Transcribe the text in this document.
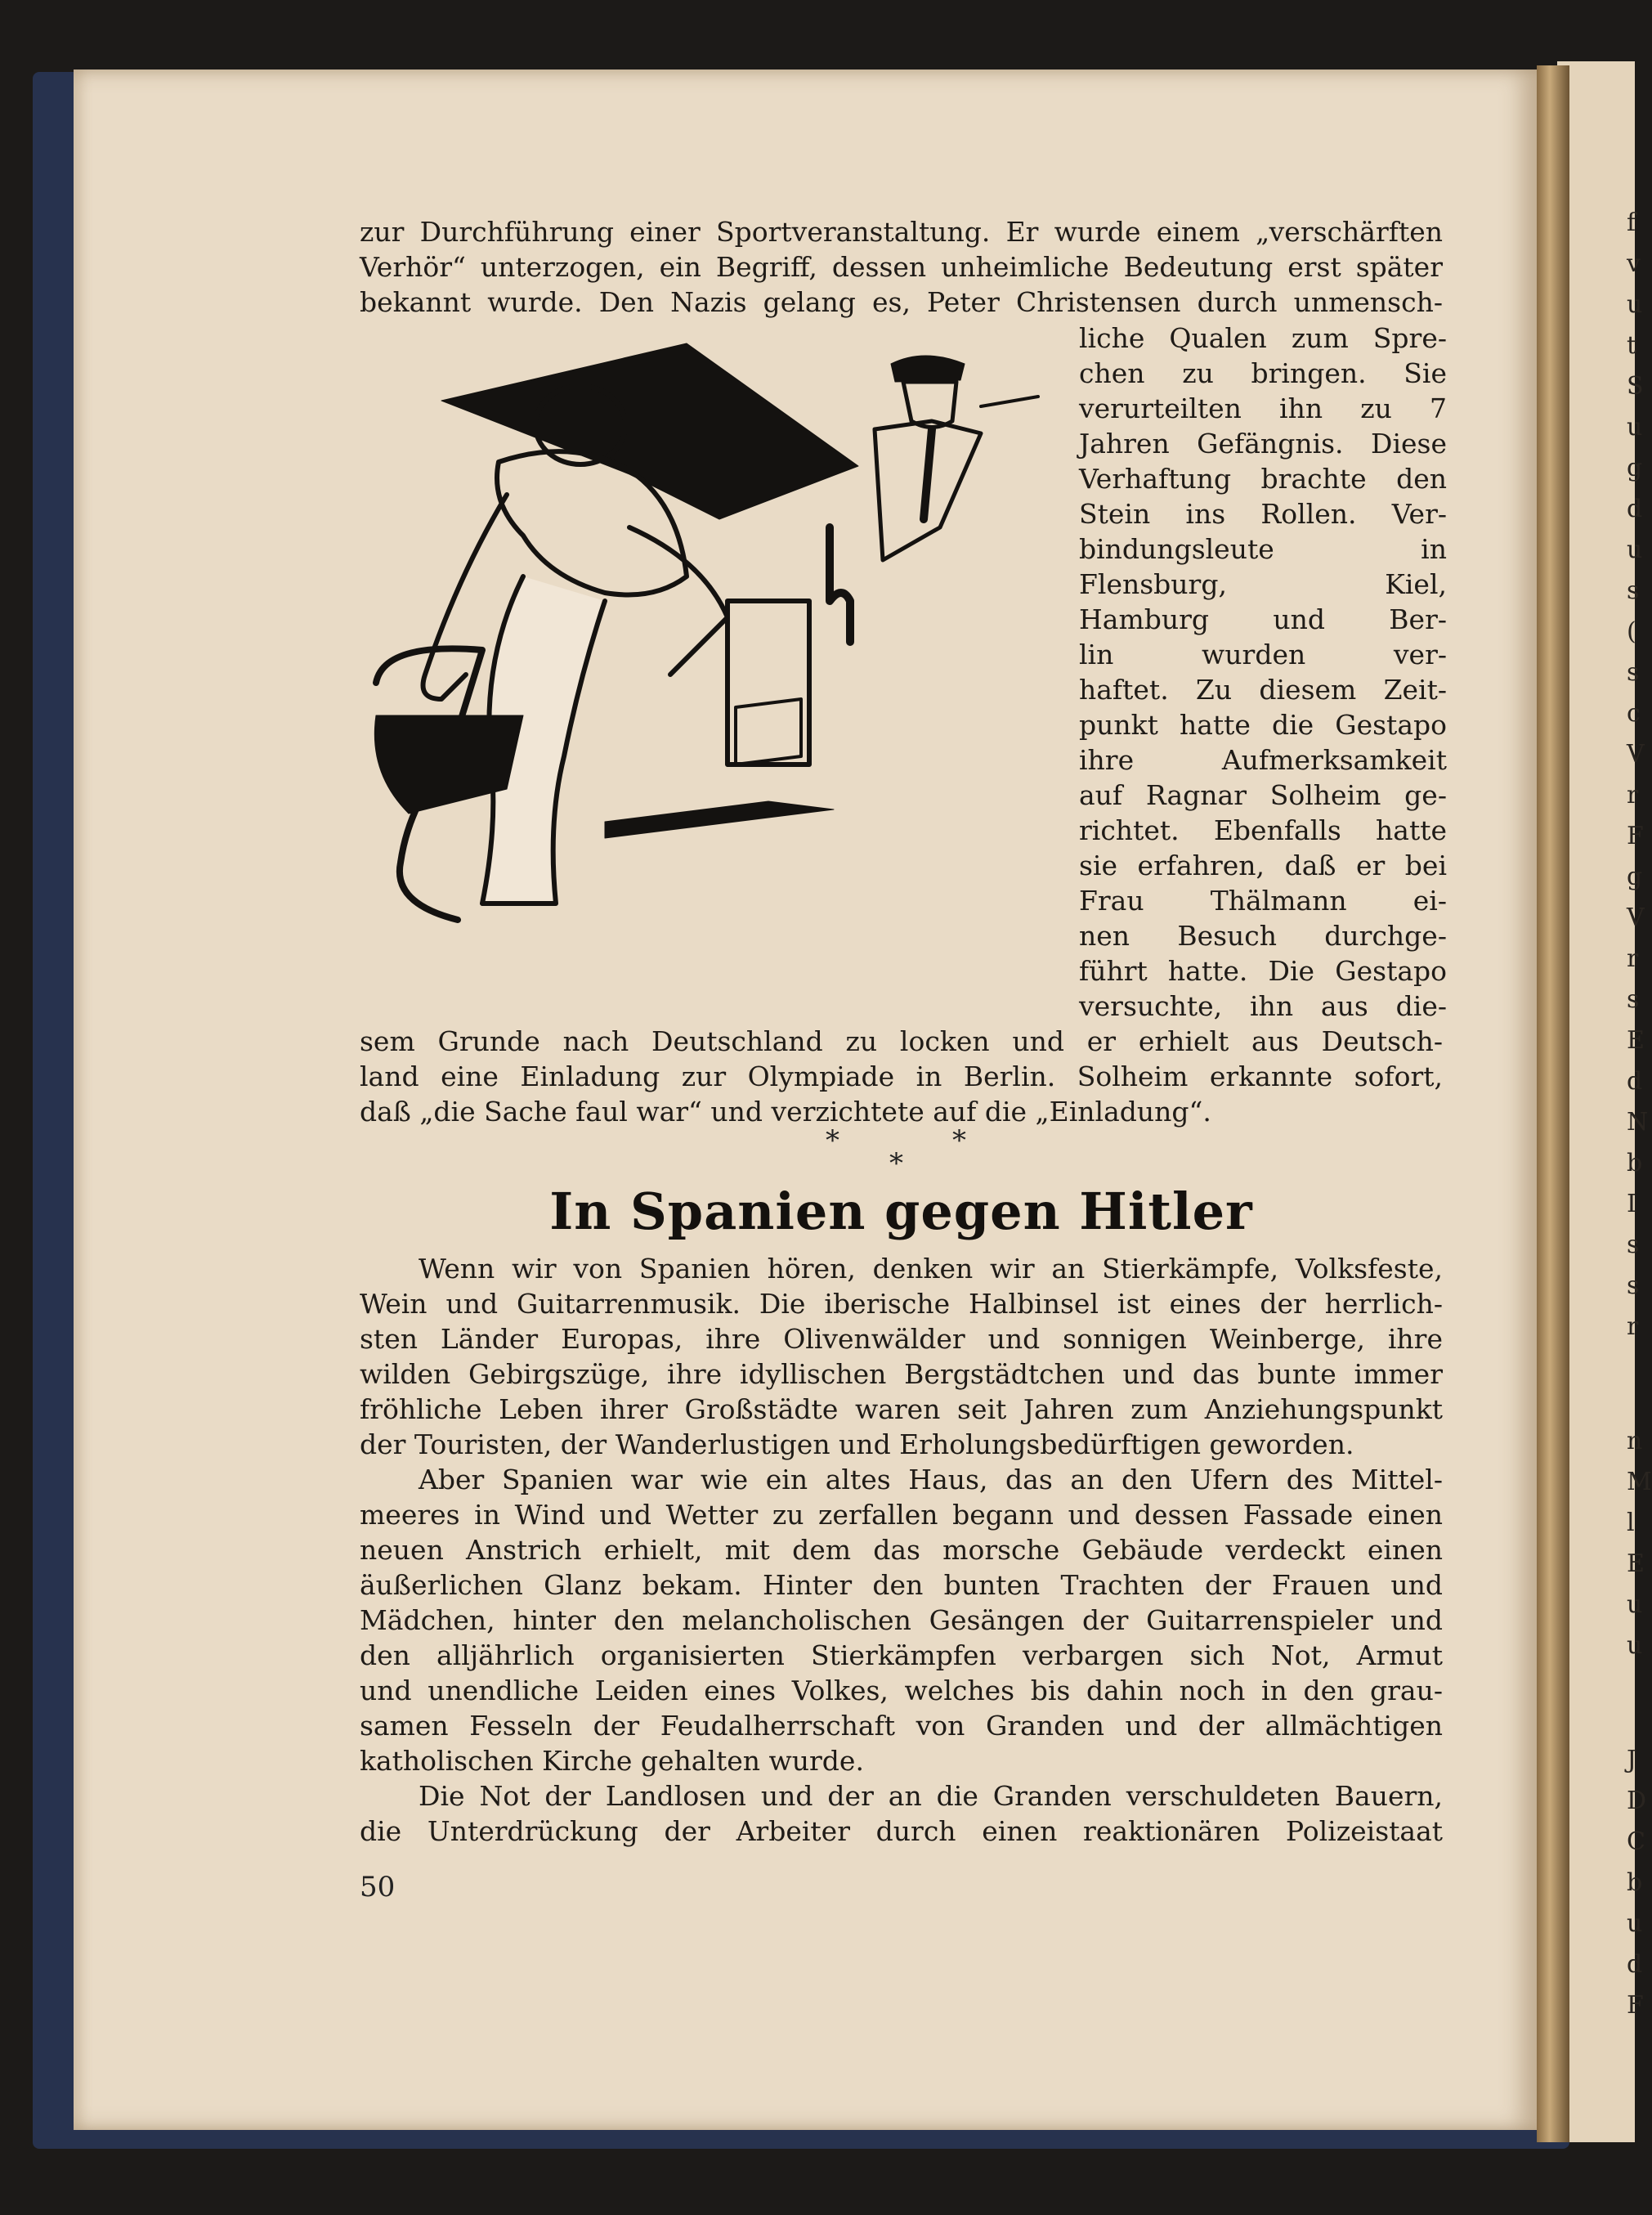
zur Durchführung einer Sportveranstaltung. Er wurde einem „verschärften
Verhör“ unterzogen, ein Begriff, dessen unheimliche Bedeutung erst später
bekannt wurde. Den Nazis gelang es, Peter Christensen durch unmensch-
liche Qualen zum Spre-
chen zu bringen. Sie
verurteilten ihn zu 7
Jahren Gefängnis. Diese
Verhaftung brachte den
Stein ins Rollen. Ver-
bindungsleute in
Flensburg, Kiel,
Hamburg und Ber-
lin wurden ver-
haftet. Zu diesem Zeit-
punkt hatte die Gestapo
ihre Aufmerksamkeit
auf Ragnar Solheim ge-
richtet. Ebenfalls hatte
sie erfahren, daß er bei
Frau Thälmann ei-
nen Besuch durchge-
führt hatte. Die Gestapo
versuchte, ihn aus die-
sem Grunde nach Deutschland zu locken und er erhielt aus Deutsch-
land eine Einladung zur Olympiade in Berlin. Solheim erkannte sofort,
daß „die Sache faul war“ und verzichtete auf die „Einladung“.
*	*
*
In Spanien gegen Hitler
Wenn wir von Spanien hören, denken wir an Stierkämpfe, Volksfeste,
Wein und Guitarrenmusik. Die iberische Halbinsel ist eines der herrlich-
sten Länder Europas, ihre Olivenwälder und sonnigen Weinberge, ihre
wilden Gebirgszüge, ihre idyllischen Bergstädtchen und das bunte immer
fröhliche Leben ihrer Großstädte waren seit Jahren zum Anziehungspunkt
der Touristen, der Wanderlustigen und Erholungsbedürftigen geworden.
Aber Spanien war wie ein altes Haus, das an den Ufern des Mittel-
meeres in Wind und Wetter zu zerfallen begann und dessen Fassade einen
neuen Anstrich erhielt, mit dem das morsche Gebäude verdeckt einen
äußerlichen Glanz bekam. Hinter den bunten Trachten der Frauen und
Mädchen, hinter den melancholischen Gesängen der Guitarrenspieler und
den alljährlich organisierten Stierkämpfen verbargen sich Not, Armut
und unendliche Leiden eines Volkes, welches bis dahin noch in den grau-
samen Fesseln der Feudalherrschaft von Granden und der allmächtigen
katholischen Kirche gehalten wurde.
Die Not der Landlosen und der an die Granden verschuldeten Bauern,
die Unterdrückung der Arbeiter durch einen reaktionären Polizeistaat
50
f
v
u
t
S
u
g
d
u
s
(
s
c
V
r
F
g
V
r
s
E
d
N
b
I
s
s
r
n
M
l
E
u
u
J
D
C
b
u
d
F
